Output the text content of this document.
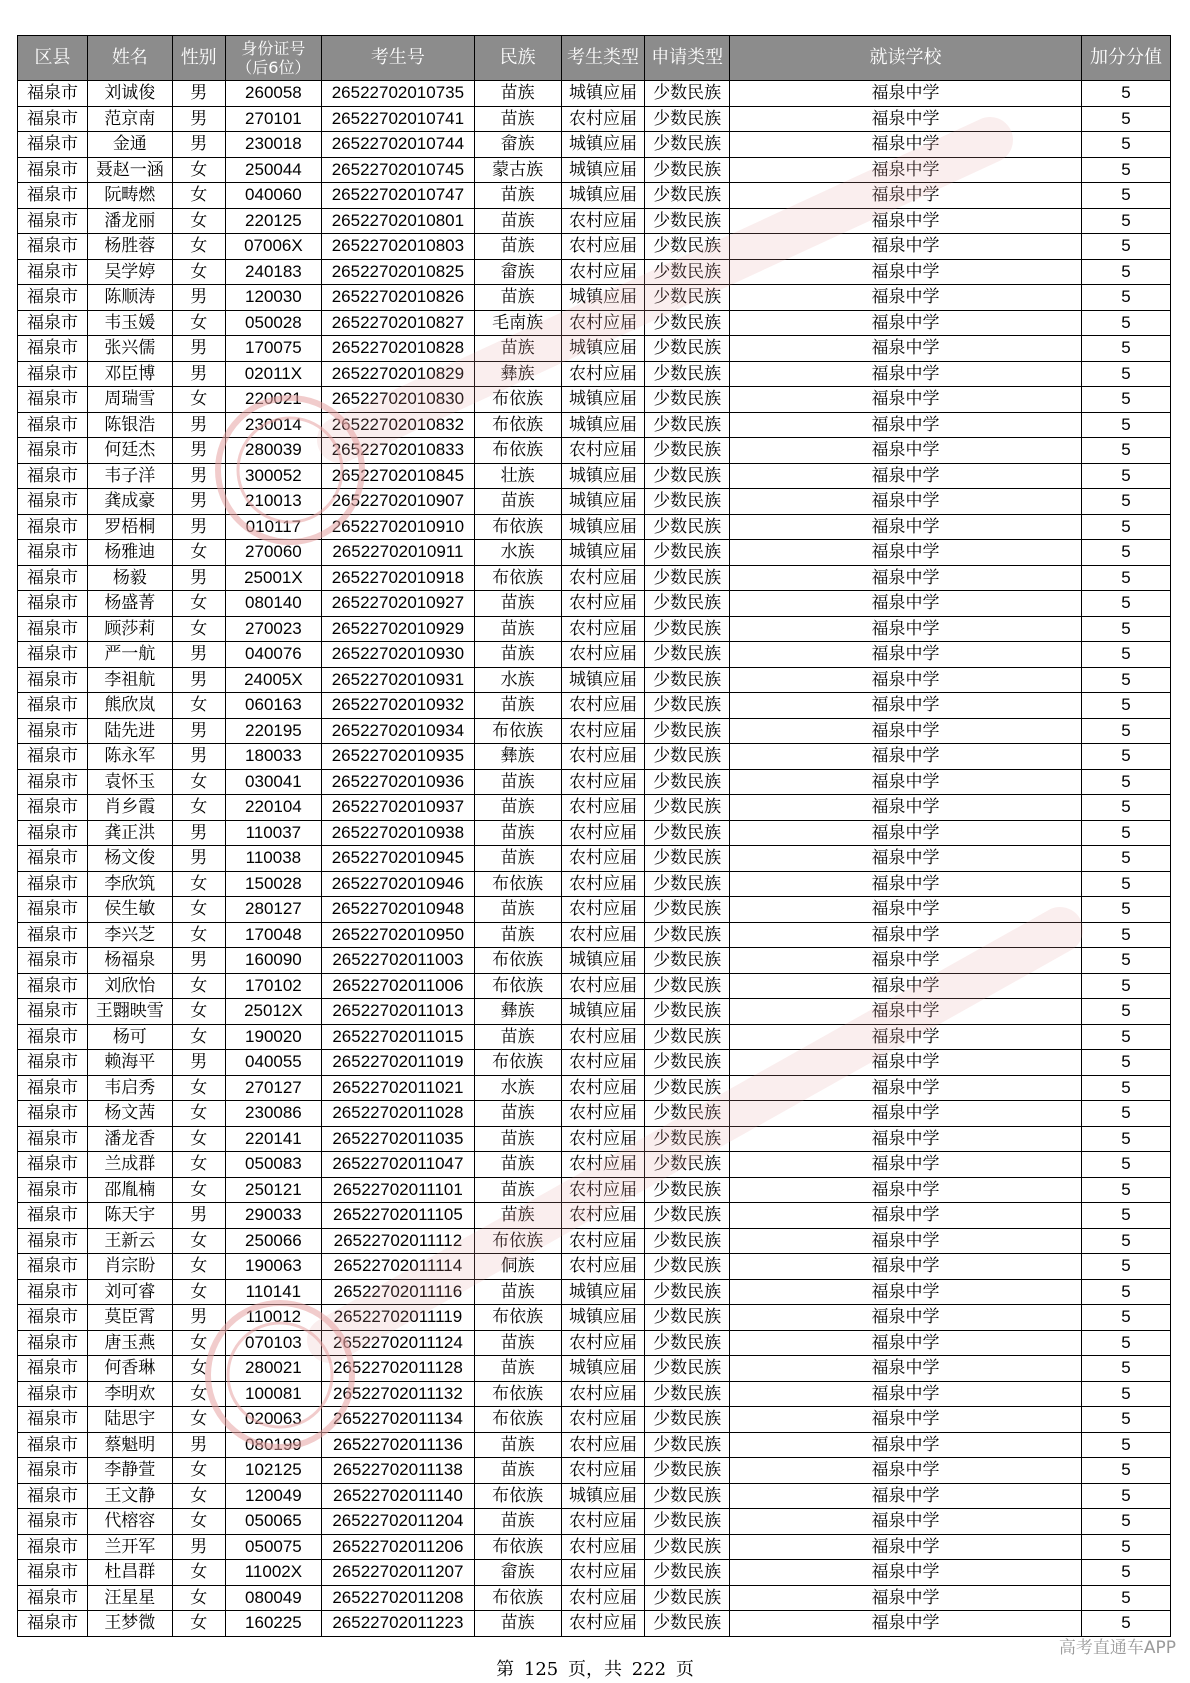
区县	姓名	性别	身份证号
（后6位）	考生号	民族	考生类型	申请类型	就读学校	加分分值
福泉市	刘诚俊	男	260058	26522702010735	苗族	城镇应届	少数民族	福泉中学	5
福泉市	范京南	男	270101	26522702010741	苗族	农村应届	少数民族	福泉中学	5
福泉市	金通	男	230018	26522702010744	畲族	城镇应届	少数民族	福泉中学	5
福泉市	聂赵一涵	女	250044	26522702010745	蒙古族	城镇应届	少数民族	福泉中学	5
福泉市	阮畴燃	女	040060	26522702010747	苗族	城镇应届	少数民族	福泉中学	5
福泉市	潘龙丽	女	220125	26522702010801	苗族	农村应届	少数民族	福泉中学	5
福泉市	杨胜蓉	女	07006X	26522702010803	苗族	农村应届	少数民族	福泉中学	5
福泉市	吴学婷	女	240183	26522702010825	畲族	农村应届	少数民族	福泉中学	5
福泉市	陈顺涛	男	120030	26522702010826	苗族	城镇应届	少数民族	福泉中学	5
福泉市	韦玉媛	女	050028	26522702010827	毛南族	农村应届	少数民族	福泉中学	5
福泉市	张兴儒	男	170075	26522702010828	苗族	城镇应届	少数民族	福泉中学	5
福泉市	邓臣博	男	02011X	26522702010829	彝族	农村应届	少数民族	福泉中学	5
福泉市	周瑞雪	女	220021	26522702010830	布依族	城镇应届	少数民族	福泉中学	5
福泉市	陈银浩	男	230014	26522702010832	布依族	城镇应届	少数民族	福泉中学	5
福泉市	何廷杰	男	280039	26522702010833	布依族	农村应届	少数民族	福泉中学	5
福泉市	韦子洋	男	300052	26522702010845	壮族	城镇应届	少数民族	福泉中学	5
福泉市	龚成豪	男	210013	26522702010907	苗族	城镇应届	少数民族	福泉中学	5
福泉市	罗梧桐	男	010117	26522702010910	布依族	城镇应届	少数民族	福泉中学	5
福泉市	杨雅迪	女	270060	26522702010911	水族	城镇应届	少数民族	福泉中学	5
福泉市	杨毅	男	25001X	26522702010918	布依族	农村应届	少数民族	福泉中学	5
福泉市	杨盛菁	女	080140	26522702010927	苗族	农村应届	少数民族	福泉中学	5
福泉市	顾莎莉	女	270023	26522702010929	苗族	农村应届	少数民族	福泉中学	5
福泉市	严一航	男	040076	26522702010930	苗族	农村应届	少数民族	福泉中学	5
福泉市	李祖航	男	24005X	26522702010931	水族	城镇应届	少数民族	福泉中学	5
福泉市	熊欣岚	女	060163	26522702010932	苗族	农村应届	少数民族	福泉中学	5
福泉市	陆先进	男	220195	26522702010934	布依族	农村应届	少数民族	福泉中学	5
福泉市	陈永军	男	180033	26522702010935	彝族	农村应届	少数民族	福泉中学	5
福泉市	袁怀玉	女	030041	26522702010936	苗族	农村应届	少数民族	福泉中学	5
福泉市	肖乡霞	女	220104	26522702010937	苗族	农村应届	少数民族	福泉中学	5
福泉市	龚正洪	男	110037	26522702010938	苗族	农村应届	少数民族	福泉中学	5
福泉市	杨文俊	男	110038	26522702010945	苗族	农村应届	少数民族	福泉中学	5
福泉市	李欣筑	女	150028	26522702010946	布依族	农村应届	少数民族	福泉中学	5
福泉市	侯生敏	女	280127	26522702010948	苗族	农村应届	少数民族	福泉中学	5
福泉市	李兴芝	女	170048	26522702010950	苗族	农村应届	少数民族	福泉中学	5
福泉市	杨福泉	男	160090	26522702011003	布依族	城镇应届	少数民族	福泉中学	5
福泉市	刘欣怡	女	170102	26522702011006	布依族	农村应届	少数民族	福泉中学	5
福泉市	王翾映雪	女	25012X	26522702011013	彝族	城镇应届	少数民族	福泉中学	5
福泉市	杨可	女	190020	26522702011015	苗族	农村应届	少数民族	福泉中学	5
福泉市	赖海平	男	040055	26522702011019	布依族	农村应届	少数民族	福泉中学	5
福泉市	韦启秀	女	270127	26522702011021	水族	农村应届	少数民族	福泉中学	5
福泉市	杨文茜	女	230086	26522702011028	苗族	农村应届	少数民族	福泉中学	5
福泉市	潘龙香	女	220141	26522702011035	苗族	农村应届	少数民族	福泉中学	5
福泉市	兰成群	女	050083	26522702011047	苗族	农村应届	少数民族	福泉中学	5
福泉市	邵胤楠	女	250121	26522702011101	苗族	农村应届	少数民族	福泉中学	5
福泉市	陈天宇	男	290033	26522702011105	苗族	农村应届	少数民族	福泉中学	5
福泉市	王新云	女	250066	26522702011112	布依族	农村应届	少数民族	福泉中学	5
福泉市	肖宗盼	女	190063	26522702011114	侗族	农村应届	少数民族	福泉中学	5
福泉市	刘可睿	女	110141	26522702011116	苗族	城镇应届	少数民族	福泉中学	5
福泉市	莫臣霄	男	110012	26522702011119	布依族	城镇应届	少数民族	福泉中学	5
福泉市	唐玉燕	女	070103	26522702011124	苗族	农村应届	少数民族	福泉中学	5
福泉市	何香琳	女	280021	26522702011128	苗族	城镇应届	少数民族	福泉中学	5
福泉市	李明欢	女	100081	26522702011132	布依族	农村应届	少数民族	福泉中学	5
福泉市	陆思宇	女	020063	26522702011134	布依族	农村应届	少数民族	福泉中学	5
福泉市	蔡魁明	男	080199	26522702011136	苗族	农村应届	少数民族	福泉中学	5
福泉市	李静萱	女	102125	26522702011138	苗族	农村应届	少数民族	福泉中学	5
福泉市	王文静	女	120049	26522702011140	布依族	城镇应届	少数民族	福泉中学	5
福泉市	代榕容	女	050065	26522702011204	苗族	农村应届	少数民族	福泉中学	5
福泉市	兰开军	男	050075	26522702011206	布依族	农村应届	少数民族	福泉中学	5
福泉市	杜昌群	女	11002X	26522702011207	畲族	农村应届	少数民族	福泉中学	5
福泉市	汪星星	女	080049	26522702011208	布依族	农村应届	少数民族	福泉中学	5
福泉市	王梦微	女	160225	26522702011223	苗族	农村应届	少数民族	福泉中学	5
第 125 页，共 222 页
高考直通车APP
